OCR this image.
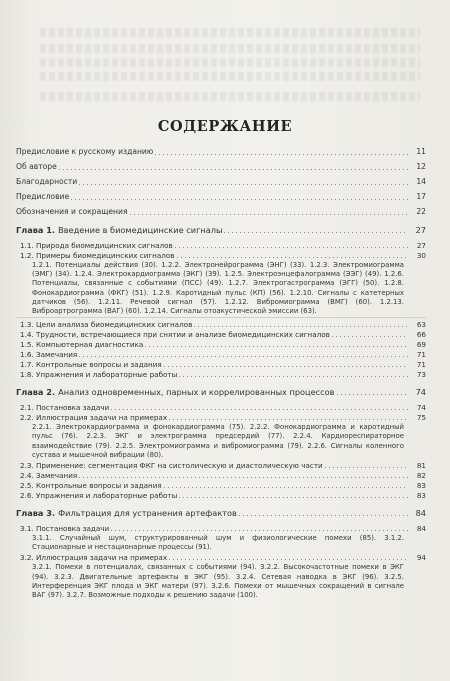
СОДЕРЖАНИЕ
Предисловие к русскому изданию	11
Об авторе	12
Благодарности	14
Предисловие	17
Обозначения и сокращения	22
Глава 1. Введение в биомедицинские сигналы	27
1.1. Природа биомедицинских сигналов	27
1.2. Примеры биомедицинских сигналов	30
1.2.1. Потенциалы действия (30). 1.2.2. Электронейрограмма (ЭНГ) (33). 1.2.3. Электромиограмма (ЭМГ) (34). 1.2.4. Электрокардиограмма (ЭКГ) (39). 1.2.5. Электроэнцефалограмма (ЭЭГ) (49). 1.2.6. Потенциалы, связанные с событиями (ПСС) (49). 1.2.7. Электрогастрограмма (ЭГГ) (50). 1.2.8. Фонокардиограмма (ФКГ) (51). 1.2.9. Каротидный пульс (КП) (56). 1.2.10. Сигналы с катетерных датчиков (56). 1.2.11. Речевой сигнал (57). 1.2.12. Вибромиограмма (ВМГ) (60). 1.2.13. Виброартрограмма (ВАГ) (60). 1.2.14. Сигналы отоакустической эмиссии (63).
1.3. Цели анализа биомедицинских сигналов	63
1.4. Трудности, встречающиеся при снятии и анализе биомедицинских сигналов	66
1.5. Компьютерная диагностика	69
1.6. Замечания	71
1.7. Контрольные вопросы и задания	71
1.8. Упражнения и лабораторные работы	73
Глава 2. Анализ одновременных, парных и коррелированных процессов	74
2.1. Постановка задачи	74
2.2. Иллюстрация задачи на примерах	75
2.2.1. Электрокардиограмма и фонокардиограмма (75). 2.2.2. Фонокардиограмма и каротидный пульс (76). 2.2.3. ЭКГ и электрограмма предсердий (77). 2.2.4. Кардиореспираторное взаимодействие (79). 2.2.5. Электромиограмма и вибромиограмма (79). 2.2.6. Сигналы коленного сустава и мышечной вибрации (80).
2.3. Применение: сегментация ФКГ на систолическую и диастолическую части	81
2.4. Замечания	82
2.5. Контрольные вопросы и задания	83
2.6. Упражнения и лабораторные работы	83
Глава 3. Фильтрация для устранения артефактов	84
3.1. Постановка задачи	84
3.1.1. Случайный шум, структурированный шум и физиологические помехи (85). 3.1.2. Стационарные и нестационарные процессы (91).
3.2. Иллюстрация задачи на примерах	94
3.2.1. Помехи в потенциалах, связанных с событиями (94). 3.2.2. Высокочастотные помехи в ЭКГ (94). 3.2.3. Двигательные артефакты в ЭКГ (95). 3.2.4. Сетевая наводка в ЭКГ (96). 3.2.5. Интерференция ЭКГ плода и ЭКГ матери (97). 3.2.6. Помехи от мышечных сокращений в сигнале ВАГ (97). 3.2.7. Возможные подходы к решению задачи (100).
